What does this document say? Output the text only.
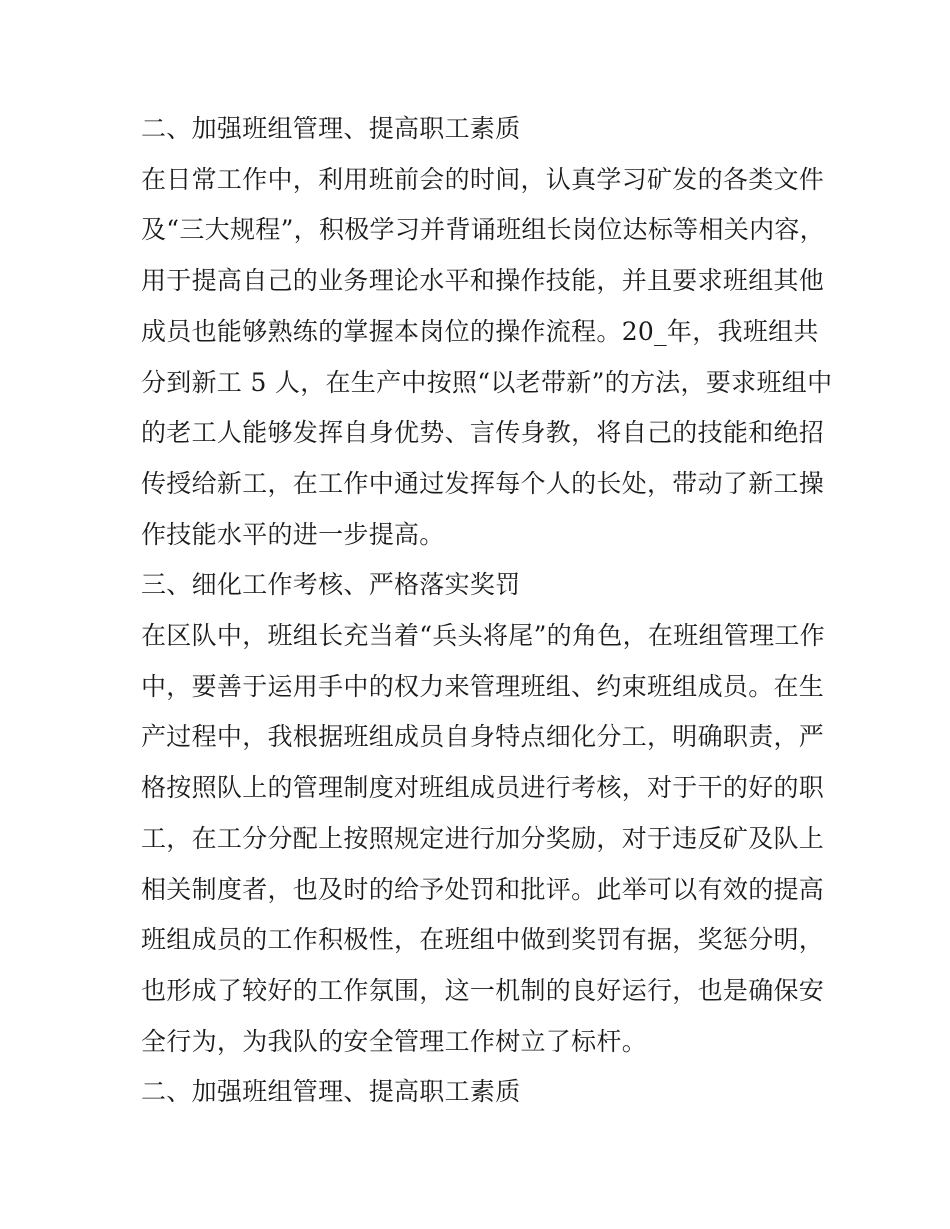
二、加强班组管理、提高职工素质

在日常工作中，利用班前会的时间，认真学习矿发的各类文件

及“三大规程”，积极学习并背诵班组长岗位达标等相关内容，

用于提高自己的业务理论水平和操作技能，并且要求班组其他

成员也能够熟练的掌握本岗位的操作流程。20_年，我班组共

分到新工 5 人，在生产中按照“以老带新”的方法，要求班组中

的老工人能够发挥自身优势、言传身教，将自己的技能和绝招

传授给新工，在工作中通过发挥每个人的长处，带动了新工操

作技能水平的进一步提高。

三、细化工作考核、严格落实奖罚

在区队中，班组长充当着“兵头将尾”的角色，在班组管理工作

中，要善于运用手中的权力来管理班组、约束班组成员。在生

产过程中，我根据班组成员自身特点细化分工，明确职责，严

格按照队上的管理制度对班组成员进行考核，对于干的好的职

工，在工分分配上按照规定进行加分奖励，对于违反矿及队上

相关制度者，也及时的给予处罚和批评。此举可以有效的提高

班组成员的工作积极性，在班组中做到奖罚有据，奖惩分明，

也形成了较好的工作氛围，这一机制的良好运行，也是确保安

全行为，为我队的安全管理工作树立了标杆。

二、加强班组管理、提高职工素质
